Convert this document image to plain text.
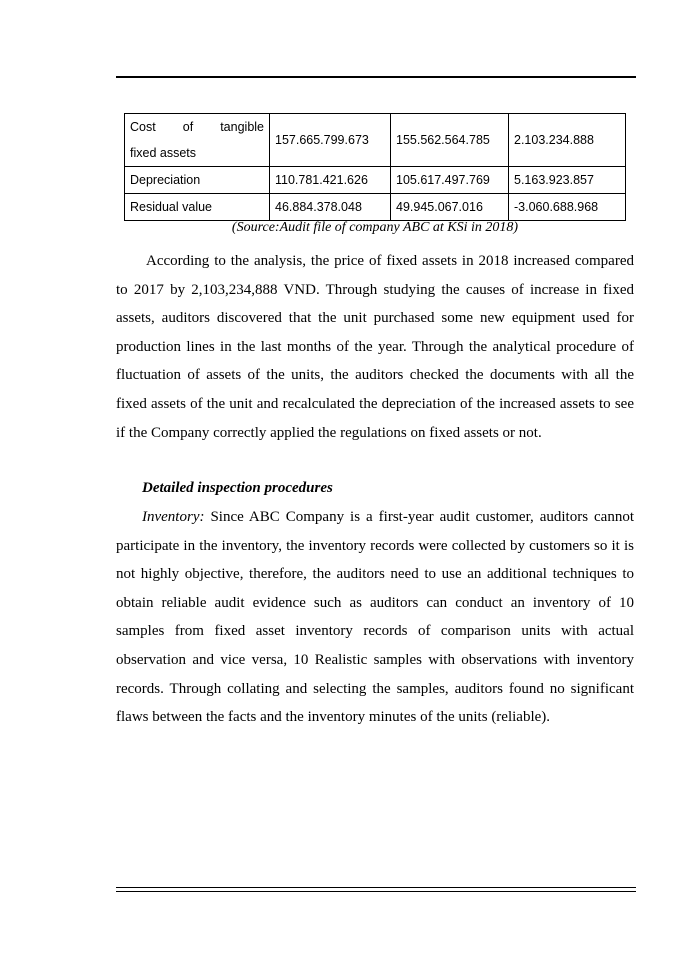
Cost of tangible
fixed assets	157.665.799.673	155.562.564.785	2.103.234.888
Depreciation	110.781.421.626	105.617.497.769	5.163.923.857
Residual value	46.884.378.048	49.945.067.016	-3.060.688.968
(Source:Audit file of company ABC at KSi in 2018)
According to the analysis, the price of fixed assets in 2018 increased compared to 2017 by 2,103,234,888 VND. Through studying the causes of increase in fixed assets, auditors discovered that the unit purchased some new equipment used for production lines in the last months of the year. Through the analytical procedure of fluctuation of assets of the units, the auditors checked the documents with all the fixed assets of the unit and recalculated the depreciation of the increased assets to see if the Company correctly applied the regulations on fixed assets or not.
Detailed inspection procedures
Inventory: Since ABC Company is a first-year audit customer, auditors cannot participate in the inventory, the inventory records were collected by customers so it is not highly objective, therefore, the auditors need to use an additional techniques to obtain reliable audit evidence such as auditors can conduct an inventory of 10 samples from fixed asset inventory records of comparison units with actual observation and vice versa, 10 Realistic samples with observations with inventory records. Through collating and selecting the samples, auditors found no significant flaws between the facts and the inventory minutes of the units (reliable).
